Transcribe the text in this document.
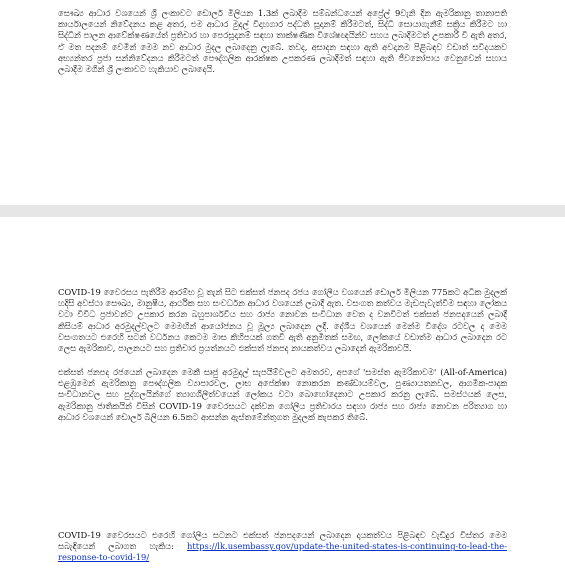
සෞඛ්‍ය ආධාර වශයෙන් ශ්‍රී ලංකාවට ඩොලර් මිලියන 1.3ක් ලබාදීම සම්බන්ධයෙන් අප්‍රේල් 9වැනි දින ඇමරිකානු තානාපති කාර්යාලයෙන් නිවේදනය කළ අතර, එම ආධාර මුදල් විදාහගාර පද්ධති සූදානම් කිරීමටත්, සිද්ධි සොයාගැනීම් සක්‍රිය කිරීමට හා සිද්ධීන් පාලන ආවේක්ෂණයේත් ප්‍රතිචාර හා පෙරසූදානම් සඳහා තාක්ෂණික විශේෂඥයින්ව සහය ලබාදීමටත් උපකාරී වී ඇති අතර, ඒ මත පදනම් වෙමින් මෙම නව ආධාර මුදල ලබාදෙනු ලැබේ. තවද, අසාදන සඳහා ඇති අවදානම පිළිබඳව වඩාත් සවිදයකව අභ්‍යන්තර ප්‍රජා සන්නිවේදනය කිරීමටත් පෞද්ගලික ආරක්ෂක උපකරණ ලබාදීමත් සඳහා ඇති ජීවනෝපාය වෙනුවෙන් සහාය ලබාදීම මගින් ශ්‍රී ලංකාවට හැකියාව ලබාදෙයි.

COVID-19 වෛරසය පැතිරීම ආරම්භ වූ තැන් සිට එක්සත් ජනපද රජය ගෝලීය වශයෙන් ඩොලර් මිලියන 775කට අධික මුදලක් හදිසි අවස්ථා සෞඛ්‍ය, මානුෂීය, ආර්ථික සහ සංවර්ධන ආධාර වශයෙන් ලබාදී ඇත. වසංගත කත්වය මැඩපැවැත්වීම සඳහා ලෝකය වටා විවිධ ප්‍රජාවන්ට උපකාර කරන බහුපාර්ශවීය සහ රාජ්‍ය නොවන සංවිධාන වෙත ද වනවිටත් එක්සත් ජනපදයෙන් ලබාදී කිසියම් ආධාර අරමුදල්වලට මෙමඟින් ආයෝජනය වූ මූල්‍ය ලබාදෙන ලදී. දේශීය වශයෙන් මෙන්ම විදේශ රටවල ද මෙම වසංගතයට එරෙහි සටන් වර්ධනය කෙටම මාස කිහිපයක් ගතවී ඇති අනුමිතක් සමඟ, ලෝකයේ වඩාත්ම ආධාර ලබාදෙන රට ලෙස ඇමරිකාව, පාලනයට සහ ප්‍රතිචාර ප්‍රයත්නයට එක්සත් ජනපද නායකත්වය ලබාදෙන් ඇමරිකාවයි.

එක්සත් ජනපද රජයෙන් ලබාදෙන මෙකී සෘජු අරමුදල් සැපයීම්වලට අමතරව, අපගේ 'සමස්ත ඇමරිකාවම' (All-of-America) එළඹුමෙන් ඇමරිකානු පෞද්ගලික ව්‍යාපාරවල, ලාභ අපේක්ෂා නොකරන කණ්ඩායම්වල, පුණ්‍යායතනවල, ආගමික-පාදක සංවිධානවල සහ පුද්ගලයින්ගේ ත්‍යාගශීලීත්වයෙන් ලෝකය වටා බොහෝදෙනාට උපකාර කරනු ලැබේ. සමස්ථයක් ලෙස, ඇමරිකානු ජාතිකයින් විසින් COVID-19 වෛරසයට දක්වන ගෝලීය ප්‍රතිචාරය සඳහා රාජ්‍ය සහ රාජ්‍ය නොවන පරිත්‍යාග හා ආධාර වශයෙන් ඩොලර් බිලියන 6.5කට ආසන්න ඇස්තමේන්තුගත මුදලක් කැපකර තිබේ.

COVID-19 වෛරසයට එරෙහි ගෝලීය සටනට එක්සත් ජනපදයෙන් ලබාදෙන දායකත්වය පිළිබඳව වැඩිදුර විස්තර මෙම සබැඳියෙන් ලබාගත හැකිය: https://lk.usembassy.gov/update-the-united-states-is-continuing-to-lead-the-response-to-covid-19/
